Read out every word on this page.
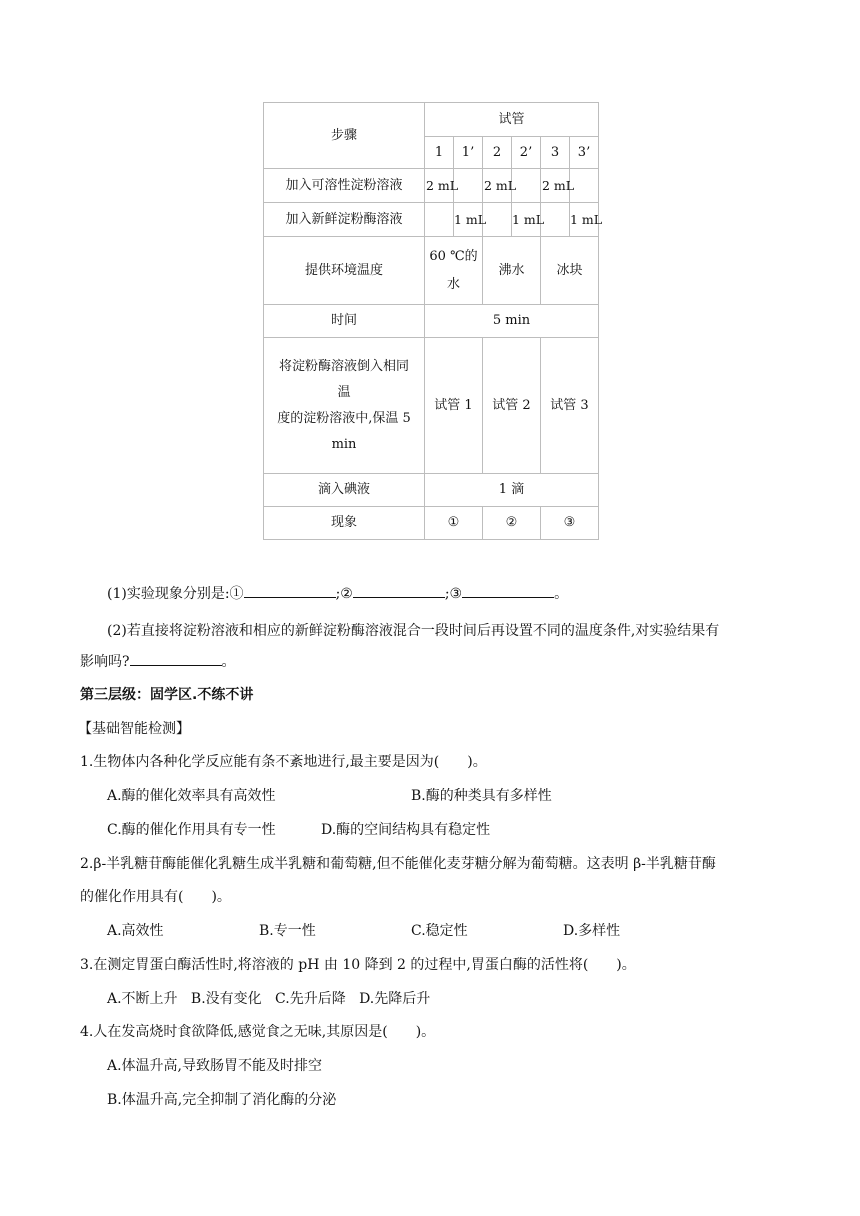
步骤	试管					
	1	1’	2	2’	3	3’
加入可溶性淀粉溶液	2 mL		2 mL		2 mL	
加入新鲜淀粉酶溶液		1 mL		1 mL		1 mL
提供环境温度	60 ℃的水		沸水		冰块	
时间	5 min					

将淀粉酶溶液倒入相同
温
度的淀粉溶液中,保温 5
min	试管 1		试管 2		试管 3	
滴入碘液	1 滴					
现象	①		②		③	
(1)实验现象分别是:①	;②	;③	。
(2)若直接将淀粉溶液和相应的新鲜淀粉酶溶液混合一段时间后再设置不同的温度条件,对实验结果有
影响吗?	。
第三层级：固学区.不练不讲
【基础智能检测】
1.生物体内各种化学反应能有条不紊地进行,最主要是因为(　　)。
A.酶的催化效率具有高效性	B.酶的种类具有多样性
C.酶的催化作用具有专一性	D.酶的空间结构具有稳定性
2.β-半乳糖苷酶能催化乳糖生成半乳糖和葡萄糖,但不能催化麦芽糖分解为葡萄糖。这表明 β-半乳糖苷酶
的催化作用具有(　　)。
A.高效性	B.专一性	C.稳定性	D.多样性
3.在测定胃蛋白酶活性时,将溶液的 pH 由 10 降到 2 的过程中,胃蛋白酶的活性将(　　)。
A.不断上升 B.没有变化 C.先升后降 D.先降后升
4.人在发高烧时食欲降低,感觉食之无味,其原因是(　　)。
A.体温升高,导致肠胃不能及时排空
B.体温升高,完全抑制了消化酶的分泌
